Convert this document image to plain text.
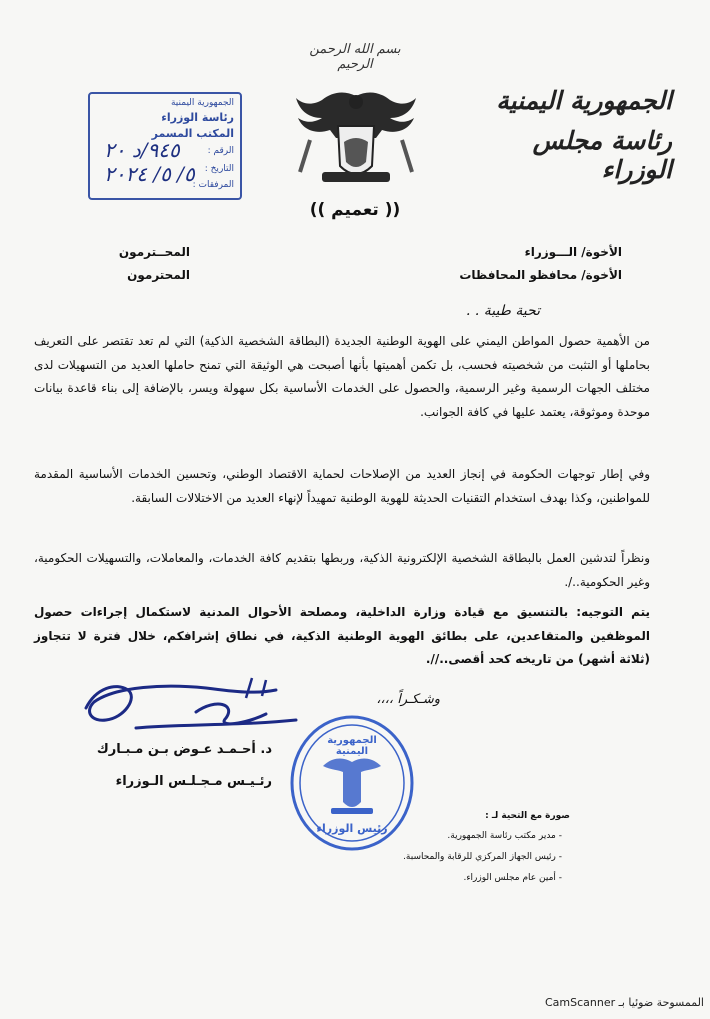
بسم الله الرحمن الرحيم
الجمهورية اليمنية
رئاسة مجلس الوزراء
الجمهورية اليمنية
رئاسة الوزراء
المكتب المسمر
الرقم :
٩٤٥/د ٢٠
التاريخ :
٥/ ٥/ ٢٠٢٤
المرفقات :
(( تعميم ))
الأخوة/ الـــوزراء
المحــترمون
الأخوة/ محافظو المحافظات
المحترمون
تحية طيبة . .
من الأهمية حصول المواطن اليمني على الهوية الوطنية الجديدة (البطاقة الشخصية الذكية) التي لم تعد تقتصر على التعريف بحاملها أو التثبت من شخصيته فحسب، بل تكمن أهميتها بأنها أصبحت هي الوثيقة التي تمنح حاملها العديد من التسهيلات لدى مختلف الجهات الرسمية وغير الرسمية، والحصول على الخدمات الأساسية بكل سهولة ويسر، بالإضافة إلى بناء قاعدة بيانات موحدة وموثوقة، يعتمد عليها في كافة الجوانب.
وفي إطار توجهات الحكومة في إنجاز العديد من الإصلاحات لحماية الاقتصاد الوطني، وتحسين الخدمات الأساسية المقدمة للمواطنين، وكذا بهدف استخدام التقنيات الحديثة للهوية الوطنية تمهيداً لإنهاء العديد من الاختلالات السابقة.
ونظراً لتدشين العمل بالبطاقة الشخصية الإلكترونية الذكية، وربطها بتقديم كافة الخدمات، والمعاملات، والتسهيلات الحكومية، وغير الحكومية../.
يتم التوجيه: بالتنسيق مع قيادة وزارة الداخلية، ومصلحة الأحوال المدنية لاستكمال إجراءات حصول الموظفين والمتقاعدين، على بطائق الهوية الوطنية الذكية، في نطاق إشرافكم، خلال فترة لا تتجاوز (ثلاثة أشهر) من تاريخه كحد أقصى..//.
وشـكـراً ،،،،
د. أحـمـد عـوض بـن مـبـارك
رئـيـس مـجـلـس الـوزراء
الجمهورية اليمنية
رئيس الوزراء
صورة مع التحية لـ :
- مدير مكتب رئاسة الجمهورية.
- رئيس الجهاز المركزي للرقابة والمحاسبة.
- أمين عام مجلس الوزراء.
الممسوحة ضوئيا بـ CamScanner
